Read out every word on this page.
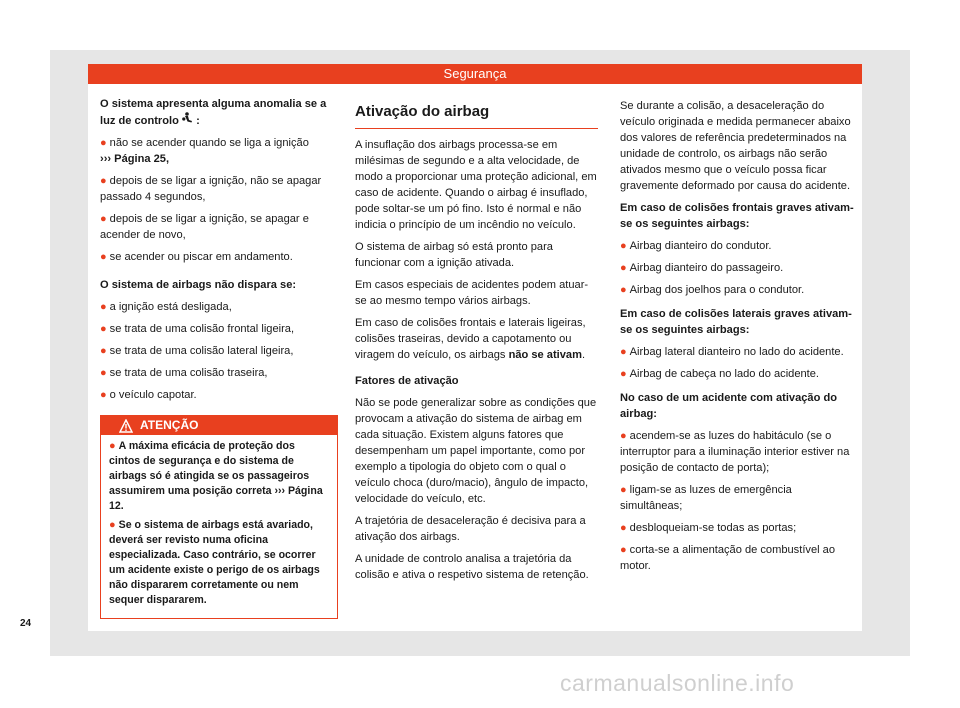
Segurança

O sistema apresenta alguma anomalia se a luz de controlo :

● não se acender quando se liga a ignição
››› Página 25,

● depois de se ligar a ignição, não se apagar passado 4 segundos,

● depois de se ligar a ignição, se apagar e acender de novo,

● se acender ou piscar em andamento.

O sistema de airbags não dispara se:

● a ignição está desligada,

● se trata de uma colisão frontal ligeira,

● se trata de uma colisão lateral ligeira,

● se trata de uma colisão traseira,

● o veículo capotar.

ATENÇÃO

● A máxima eficácia de proteção dos cintos de segurança e do sistema de airbags só é atingida se os passageiros assumirem uma posição correta ››› Página 12.

● Se o sistema de airbags está avariado, deverá ser revisto numa oficina especializada. Caso contrário, se ocorrer um acidente existe o perigo de os airbags não dispararem corretamente ou nem sequer dispararem.

Ativação do airbag

A insuflação dos airbags processa-se em milésimas de segundo e a alta velocidade, de modo a proporcionar uma proteção adicional, em caso de acidente. Quando o airbag é insuflado, pode soltar-se um pó fino. Isto é normal e não indicia o princípio de um incêndio no veículo.

O sistema de airbag só está pronto para funcionar com a ignição ativada.

Em casos especiais de acidentes podem atuar-se ao mesmo tempo vários airbags.

Em caso de colisões frontais e laterais ligeiras, colisões traseiras, devido a capotamento ou viragem do veículo, os airbags não se ativam.

Fatores de ativação

Não se pode generalizar sobre as condições que provocam a ativação do sistema de airbag em cada situação. Existem alguns fatores que desempenham um papel importante, como por exemplo a tipologia do objeto com o qual o veículo choca (duro/macio), ângulo de impacto, velocidade do veículo, etc.

A trajetória de desaceleração é decisiva para a ativação dos airbags.

A unidade de controlo analisa a trajetória da colisão e ativa o respetivo sistema de retenção.

Se durante a colisão, a desaceleração do veículo originada e medida permanecer abaixo dos valores de referência predeterminados na unidade de controlo, os airbags não serão ativados mesmo que o veículo possa ficar gravemente deformado por causa do acidente.

Em caso de colisões frontais graves ativam-se os seguintes airbags:

● Airbag dianteiro do condutor.

● Airbag dianteiro do passageiro.

● Airbag dos joelhos para o condutor.

Em caso de colisões laterais graves ativam-se os seguintes airbags:

● Airbag lateral dianteiro no lado do acidente.

● Airbag de cabeça no lado do acidente.

No caso de um acidente com ativação do airbag:

● acendem-se as luzes do habitáculo (se o interruptor para a iluminação interior estiver na posição de contacto de porta);

● ligam-se as luzes de emergência simultâneas;

● desbloqueiam-se todas as portas;

● corta-se a alimentação de combustível ao motor.

24
carmanualsonline.info
